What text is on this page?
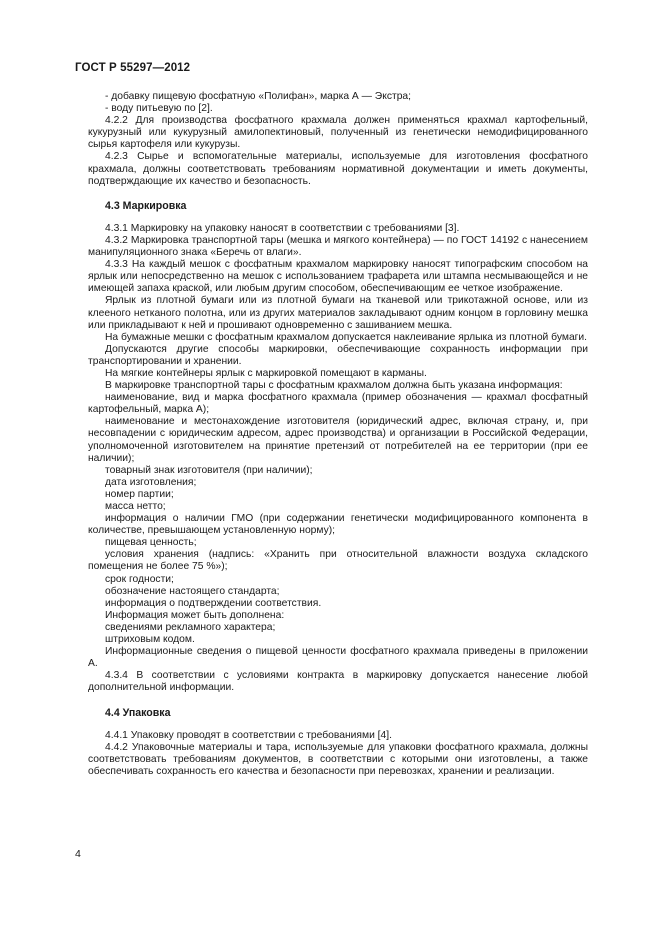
ГОСТ Р 55297—2012

- добавку пищевую фосфатную «Полифан», марка А — Экстра;

- воду питьевую по [2].

4.2.2 Для производства фосфатного крахмала должен применяться крахмал картофельный, кукурузный или кукурузный амилопектиновый, полученный из генетически немодифицированного сырья картофеля или кукурузы.

4.2.3 Сырье и вспомогательные материалы, используемые для изготовления фосфатного крахмала, должны соответствовать требованиям нормативной документации и иметь документы, подтверждающие их качество и безопасность.

4.3 Маркировка

4.3.1 Маркировку на упаковку наносят в соответствии с требованиями [3].

4.3.2 Маркировка транспортной тары (мешка и мягкого контейнера) — по ГОСТ 14192 с нанесением манипуляционного знака «Беречь от влаги».

4.3.3 На каждый мешок с фосфатным крахмалом маркировку наносят типографским способом на ярлык или непосредственно на мешок с использованием трафарета или штампа несмывающейся и не имеющей запаха краской, или любым другим способом, обеспечивающим ее четкое изображение.

Ярлык из плотной бумаги или из плотной бумаги на тканевой или трикотажной основе, или из клееного нетканого полотна, или из других материалов закладывают одним концом в горловину мешка или прикладывают к ней и прошивают одновременно с зашиванием мешка.

На бумажные мешки с фосфатным крахмалом допускается наклеивание ярлыка из плотной бумаги.

Допускаются другие способы маркировки, обеспечивающие сохранность информации при транспортировании и хранении.

На мягкие контейнеры ярлык с маркировкой помещают в карманы.

В маркировке транспортной тары с фосфатным крахмалом должна быть указана информация:

наименование, вид и марка фосфатного крахмала (пример обозначения — крахмал фосфатный картофельный, марка А);

наименование и местонахождение изготовителя (юридический адрес, включая страну, и, при несовпадении с юридическим адресом, адрес производства) и организации в Российской Федерации, уполномоченной изготовителем на принятие претензий от потребителей на ее территории (при ее наличии);

товарный знак изготовителя (при наличии);

дата изготовления;

номер партии;

масса нетто;

информация о наличии ГМО (при содержании генетически модифицированного компонента в количестве, превышающем установленную норму);

пищевая ценность;

условия хранения (надпись: «Хранить при относительной влажности воздуха складского помещения не более 75 %»);

срок годности;

обозначение настоящего стандарта;

информация о подтверждении соответствия.

Информация может быть дополнена:

сведениями рекламного характера;

штриховым кодом.

Информационные сведения о пищевой ценности фосфатного крахмала приведены в приложении А.

4.3.4 В соответствии с условиями контракта в маркировку допускается нанесение любой дополнительной информации.

4.4 Упаковка

4.4.1 Упаковку проводят в соответствии с требованиями [4].

4.4.2 Упаковочные материалы и тара, используемые для упаковки фосфатного крахмала, должны соответствовать требованиям документов, в соответствии с которыми они изготовлены, а также обеспечивать сохранность его качества и безопасности при перевозках, хранении и реализации.

4
